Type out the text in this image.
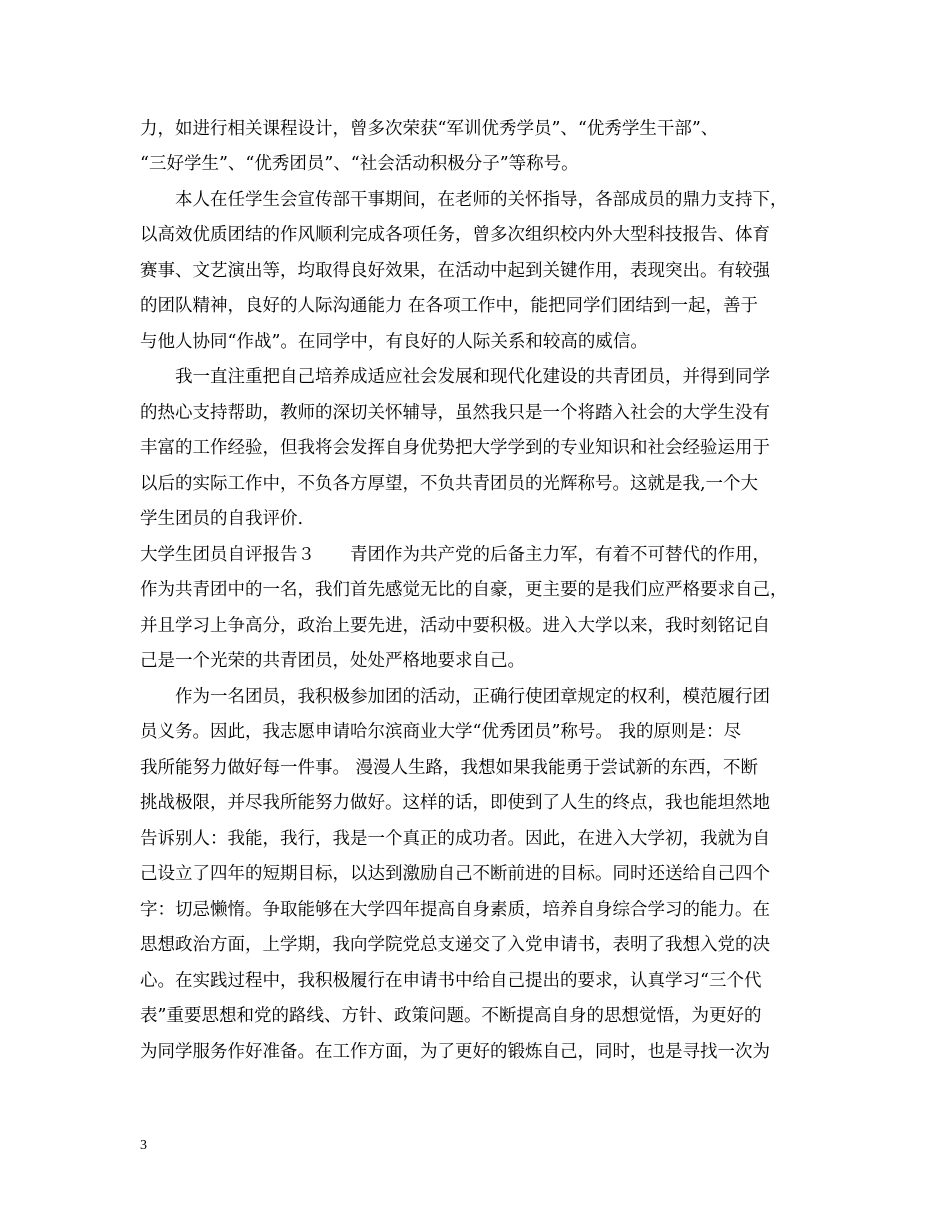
力，如进行相关课程设计，曾多次荣获“军训优秀学员”、“优秀学生干部”、
“三好学生”、“优秀团员”、“社会活动积极分子”等称号。
　　本人在任学生会宣传部干事期间，在老师的关怀指导，各部成员的鼎力支持下，
以高效优质团结的作风顺利完成各项任务，曾多次组织校内外大型科技报告、体育
赛事、文艺演出等，均取得良好效果，在活动中起到关键作用，表现突出。有较强
的团队精神，良好的人际沟通能力 在各项工作中，能把同学们团结到一起，善于
与他人协同“作战”。在同学中，有良好的人际关系和较高的威信。
　　我一直注重把自己培养成适应社会发展和现代化建设的共青团员，并得到同学
的热心支持帮助，教师的深切关怀辅导，虽然我只是一个将踏入社会的大学生没有
丰富的工作经验，但我将会发挥自身优势把大学学到的专业知识和社会经验运用于
以后的实际工作中，不负各方厚望，不负共青团员的光辉称号。这就是我,一个大
学生团员的自我评价.
大学生团员自评报告３　　青团作为共产党的后备主力军，有着不可替代的作用，
作为共青团中的一名，我们首先感觉无比的自豪，更主要的是我们应严格要求自己，
并且学习上争高分，政治上要先进，活动中要积极。进入大学以来，我时刻铭记自
己是一个光荣的共青团员，处处严格地要求自己。
　　作为一名团员，我积极参加团的活动，正确行使团章规定的权利，模范履行团
员义务。因此，我志愿申请哈尔滨商业大学“优秀团员”称号。 我的原则是：尽
我所能努力做好每一件事。 漫漫人生路，我想如果我能勇于尝试新的东西，不断
挑战极限，并尽我所能努力做好。这样的话，即使到了人生的终点，我也能坦然地
告诉别人：我能，我行，我是一个真正的成功者。因此，在进入大学初，我就为自
己设立了四年的短期目标，以达到激励自己不断前进的目标。同时还送给自己四个
字：切忌懒惰。争取能够在大学四年提高自身素质，培养自身综合学习的能力。在
思想政治方面，上学期，我向学院党总支递交了入党申请书，表明了我想入党的决
心。在实践过程中，我积极履行在申请书中给自己提出的要求，认真学习“三个代
表”重要思想和党的路线、方针、政策问题。不断提高自身的思想觉悟，为更好的
为同学服务作好准备。在工作方面，为了更好的锻炼自己，同时，也是寻找一次为
3
